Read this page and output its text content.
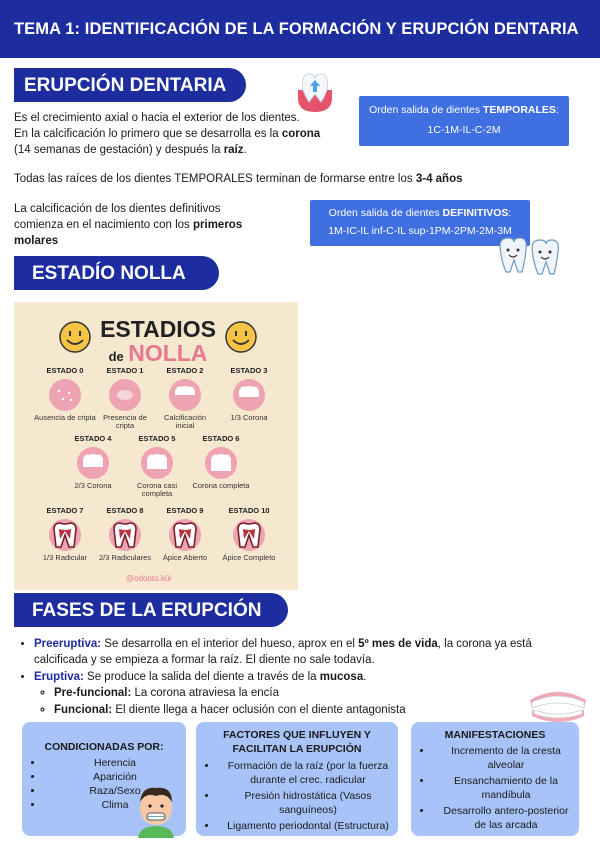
TEMA 1: IDENTIFICACIÓN DE LA FORMACIÓN Y ERUPCIÓN DENTARIA
ERUPCIÓN DENTARIA
Es el crecimiento axial o hacia el exterior de los dientes.
En la calcificación lo primero que se desarrolla es la corona
(14 semanas de gestación) y después la raíz.
Orden salida de dientes TEMPORALES:
1C-1M-IL-C-2M
Todas las raíces de los dientes TEMPORALES terminan de formarse entre los 3-4 años
La calcificación de los dientes definitivos
comienza en el nacimiento con los primeros
molares
Orden salida de dientes DEFINITIVOS:
1M-IC-IL inf-C-IL sup-1PM-2PM-2M-3M
ESTADÍO NOLLA
ESTADIOS
de NOLLA
ESTADO 0
Ausencia de cripta
ESTADO 1
Presencia de cripta
ESTADO 2
Calcificación inicial
ESTADO 3
1/3 Corona
ESTADO 4
2/3 Corona
ESTADO 5
Corona casi completa
ESTADO 6
Corona completa
ESTADO 7
1/3 Radicular
ESTADO 8
2/3 Radiculares
ESTADO 9
Ápice Abierto
ESTADO 10
Ápice Completo
@odonto.kül
FASES DE LA ERUPCIÓN
• Preeruptiva: Se desarrolla en el interior del hueso, aprox en el 5º mes de vida, la corona ya está
calcificada y se empieza a formar la raíz. El diente no sale todavía.
• Eruptiva: Se produce la salida del diente a través de la mucosa.
◦ Pre-funcional: La corona atraviesa la encía
◦ Funcional: El diente llega a hacer oclusión con el diente antagonista
CONDICIONADAS POR:
• Herencia
• Aparición
• Raza/Sexo
• Clima
FACTORES QUE INFLUYEN Y
FACILITAN LA ERUPCIÓN
• Formación de la raíz (por la fuerza
durante el crec. radicular
• Presión hidrostática (Vasos
sanguíneos)
• Ligamento periodontal (Estructura)
MANIFESTACIONES
• Incremento de la cresta
alveolar
• Ensanchamiento de la
mandíbula
• Desarrollo antero-posterior
de las arcada
